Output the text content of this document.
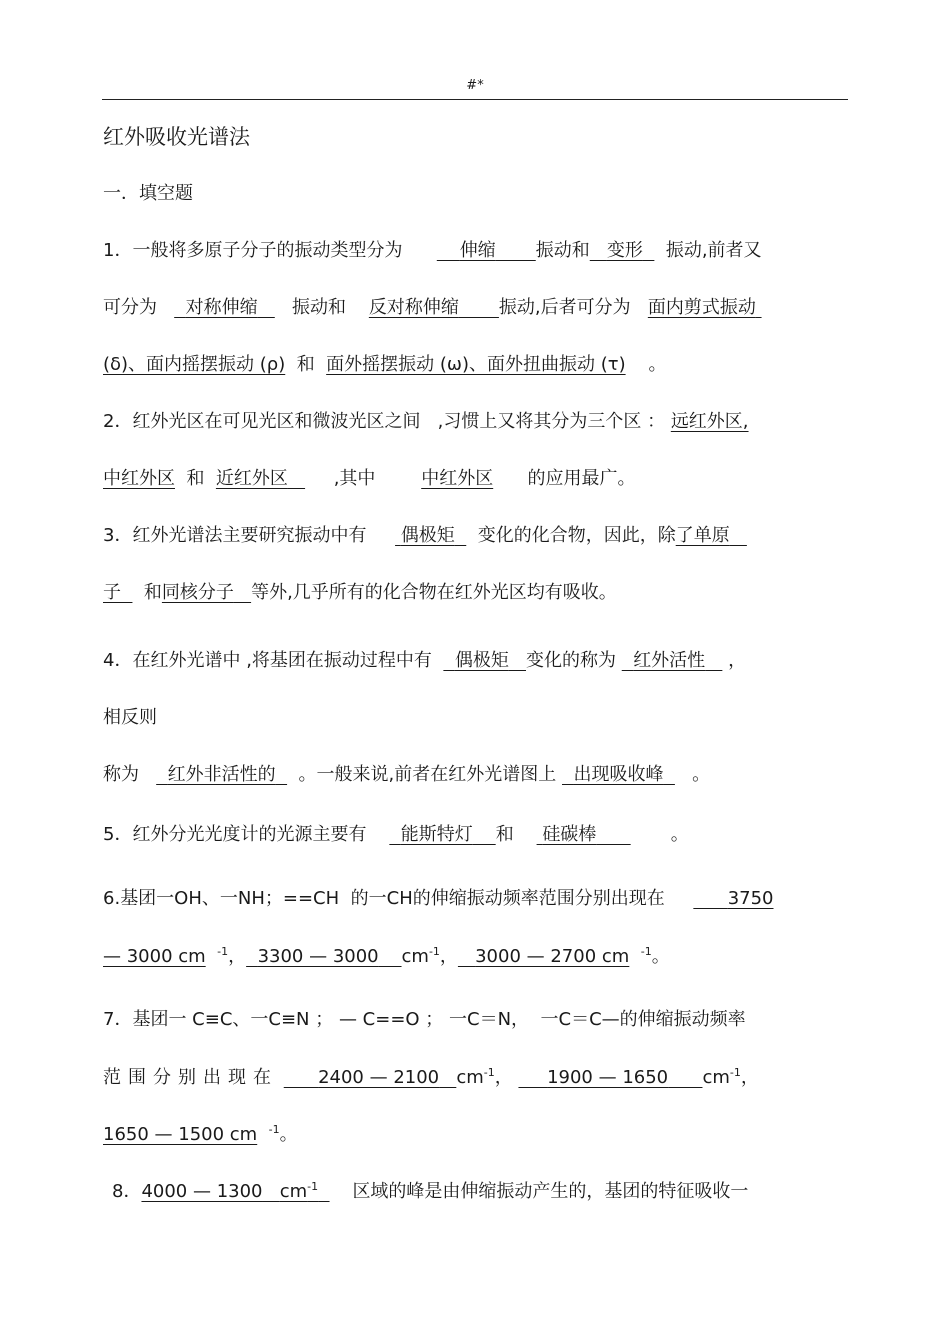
#*
红外吸收光谱法
一．填空题
1．一般将多原子分子的振动类型分为	伸缩 振动和 变形 振动,前者又
可分为 对称伸缩 振动和 反对称伸缩 振动,后者可分为 面内剪式振动
(δ)、面内摇摆振动 (ρ) 和 面外摇摆振动 (ω)、面外扭曲振动 (τ) 。
2．红外光区在可见光区和微波光区之间 ,习惯上又将其分为三个区 ： 远红外区,
中红外区 和 近红外区	,其中	中红外区 的应用最广。
3．红外光谱法主要研究振动中有 偶极矩 变化的化合物，因此，除了单原
子 和同核分子 等外,几乎所有的化合物在红外光区均有吸收。
4．在红外光谱中 ,将基团在振动过程中有 偶极矩 变化的称为 红外活性 ，
相反则
称为 红外非活性的 。一般来说,前者在红外光谱图上 出现吸收峰 。
5．红外分光光度计的光源主要有 能斯特灯 和 硅碳棒	。
6.基团一OH、一NH；==CH 的一CH的伸缩振动频率范围分别出现在	3750
— 3000 cm $^{-1}$， 3300 — 3000 $cm^{-1}$， 3000 — 2700 cm $^{-1}$。
7．基团一 C≡C、一C≡N ； — C==O ； 一C＝N， 一C＝C—的伸缩振动频率
范围分别出现在 2400 — 2100 $cm^{-1}$， 1900 — 1650 $cm^{-1}$，
1650 — 1500 cm $^{-1}$。
8．4000 — 1300 $cm^{-1}$ 区域的峰是由伸缩振动产生的，基团的特征吸收一
